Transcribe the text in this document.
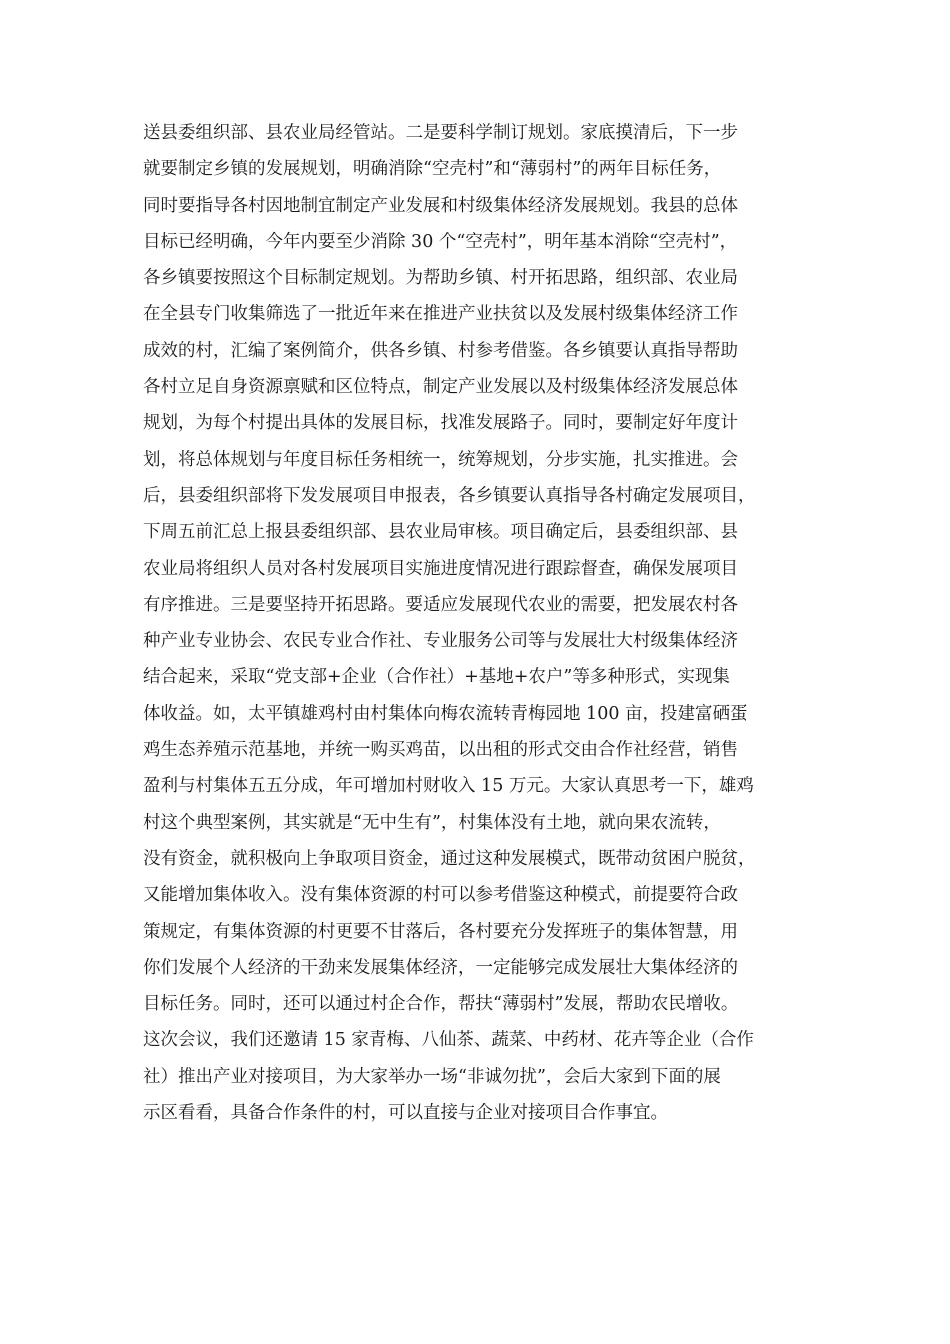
送县委组织部、县农业局经管站。二是要科学制订规划。家底摸清后，下一步
就要制定乡镇的发展规划，明确消除“空壳村”和“薄弱村”的两年目标任务，
同时要指导各村因地制宜制定产业发展和村级集体经济发展规划。我县的总体
目标已经明确，今年内要至少消除 30 个“空壳村”，明年基本消除“空壳村”，
各乡镇要按照这个目标制定规划。为帮助乡镇、村开拓思路，组织部、农业局
在全县专门收集筛选了一批近年来在推进产业扶贫以及发展村级集体经济工作
成效的村，汇编了案例简介，供各乡镇、村参考借鉴。各乡镇要认真指导帮助
各村立足自身资源禀赋和区位特点，制定产业发展以及村级集体经济发展总体
规划，为每个村提出具体的发展目标，找准发展路子。同时，要制定好年度计
划，将总体规划与年度目标任务相统一，统筹规划，分步实施，扎实推进。会
后，县委组织部将下发发展项目申报表，各乡镇要认真指导各村确定发展项目，
下周五前汇总上报县委组织部、县农业局审核。项目确定后，县委组织部、县
农业局将组织人员对各村发展项目实施进度情况进行跟踪督查，确保发展项目
有序推进。三是要坚持开拓思路。要适应发展现代农业的需要，把发展农村各
种产业专业协会、农民专业合作社、专业服务公司等与发展壮大村级集体经济
结合起来，采取“党支部+企业（合作社）+基地+农户”等多种形式，实现集
体收益。如，太平镇雄鸡村由村集体向梅农流转青梅园地 100 亩，投建富硒蛋
鸡生态养殖示范基地，并统一购买鸡苗，以出租的形式交由合作社经营，销售
盈利与村集体五五分成，年可增加村财收入 15 万元。大家认真思考一下，雄鸡
村这个典型案例，其实就是“无中生有”，村集体没有土地，就向果农流转，
没有资金，就积极向上争取项目资金，通过这种发展模式，既带动贫困户脱贫，
又能增加集体收入。没有集体资源的村可以参考借鉴这种模式，前提要符合政
策规定，有集体资源的村更要不甘落后，各村要充分发挥班子的集体智慧，用
你们发展个人经济的干劲来发展集体经济，一定能够完成发展壮大集体经济的
目标任务。同时，还可以通过村企合作，帮扶“薄弱村”发展，帮助农民增收。
这次会议，我们还邀请 15 家青梅、八仙茶、蔬菜、中药材、花卉等企业（合作
社）推出产业对接项目，为大家举办一场“非诚勿扰”，会后大家到下面的展
示区看看，具备合作条件的村，可以直接与企业对接项目合作事宜。
